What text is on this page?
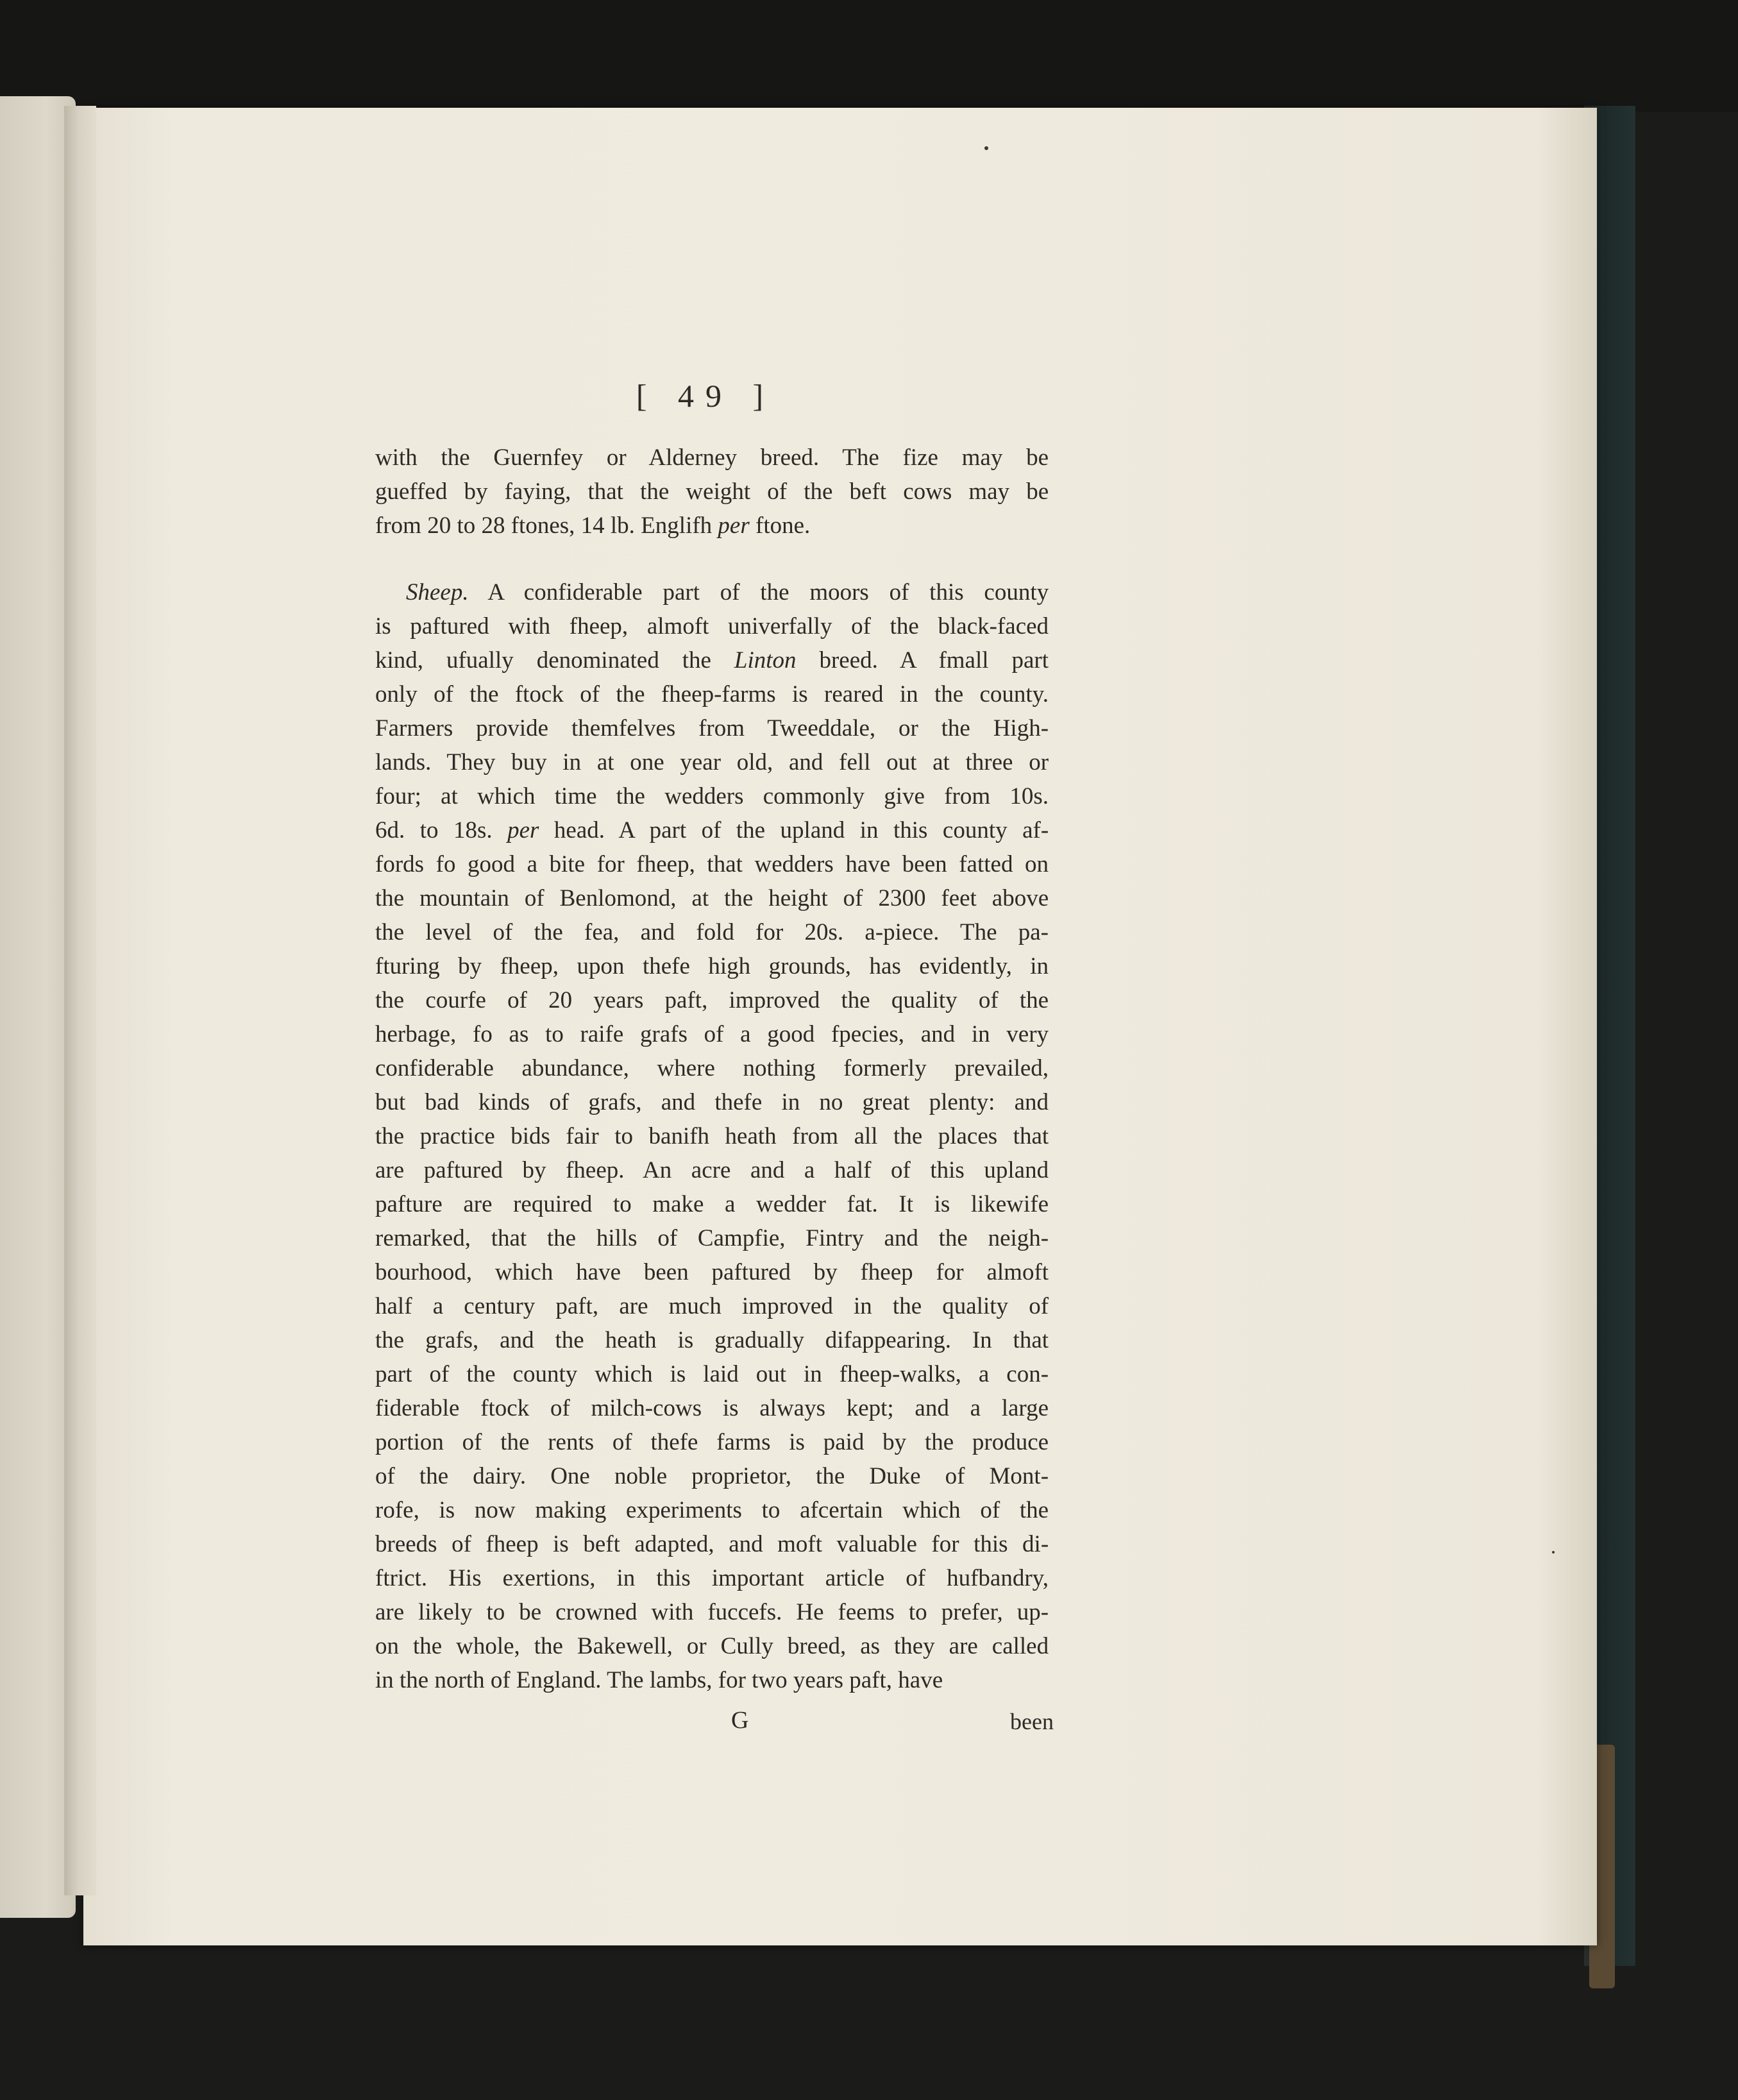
[ 49 ]
with the Guernfey or Alderney breed. The fize may be
gueffed by faying, that the weight of the beft cows may be
from 20 to 28 ftones, 14 lb. Englifh per ftone.
Sheep. A confiderable part of the moors of this county
is paftured with fheep, almoft univerfally of the black-faced
kind, ufually denominated the Linton breed. A fmall part
only of the ftock of the fheep-farms is reared in the county.
Farmers provide themfelves from Tweeddale, or the High-
lands. They buy in at one year old, and fell out at three or
four; at which time the wedders commonly give from 10s.
6d. to 18s. per head. A part of the upland in this county af-
fords fo good a bite for fheep, that wedders have been fatted on
the mountain of Benlomond, at the height of 2300 feet above
the level of the fea, and fold for 20s. a-piece. The pa-
fturing by fheep, upon thefe high grounds, has evidently, in
the courfe of 20 years paft, improved the quality of the
herbage, fo as to raife grafs of a good fpecies, and in very
confiderable abundance, where nothing formerly prevailed,
but bad kinds of grafs, and thefe in no great plenty: and
the practice bids fair to banifh heath from all the places that
are paftured by fheep. An acre and a half of this upland
pafture are required to make a wedder fat. It is likewife
remarked, that the hills of Campfie, Fintry and the neigh-
bourhood, which have been paftured by fheep for almoft
half a century paft, are much improved in the quality of
the grafs, and the heath is gradually difappearing. In that
part of the county which is laid out in fheep-walks, a con-
fiderable ftock of milch-cows is always kept; and a large
portion of the rents of thefe farms is paid by the produce
of the dairy. One noble proprietor, the Duke of Mont-
rofe, is now making experiments to afcertain which of the
breeds of fheep is beft adapted, and moft valuable for this di-
ftrict. His exertions, in this important article of hufbandry,
are likely to be crowned with fuccefs. He feems to prefer, up-
on the whole, the Bakewell, or Cully breed, as they are called
in the north of England. The lambs, for two years paft, have
G	been
